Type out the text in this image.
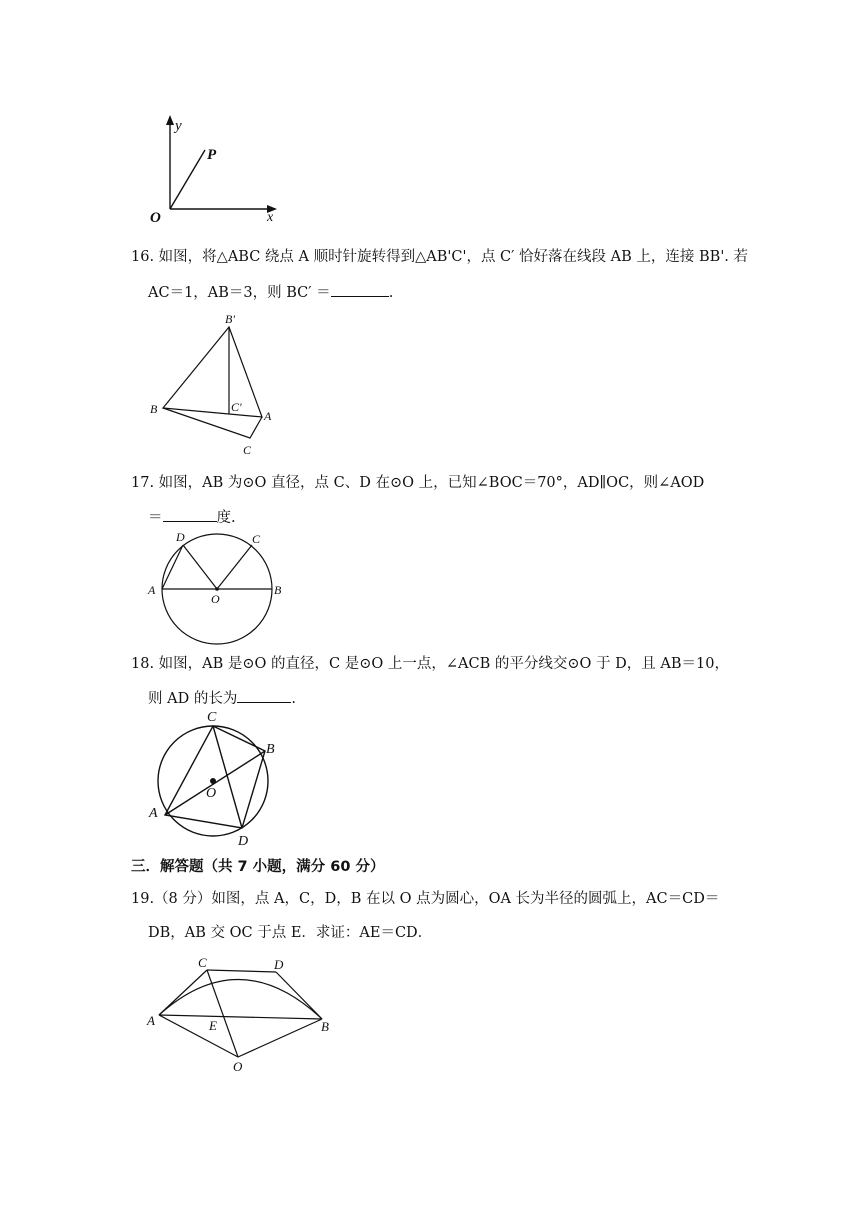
y
x
O
P
16. 如图，将△ABC 绕点 A 顺时针旋转得到△AB'C'，点 C′ 恰好落在线段 AB 上，连接 BB'. 若
AC＝1，AB＝3，则 BC′ ＝	.
B'
B	C'
A
C
17. 如图，AB 为⊙O 直径，点 C、D 在⊙O 上，已知∠BOC＝70°，AD∥OC，则∠AOD
＝	度.
D	C
A
O
B
18. 如图，AB 是⊙O 的直径，C 是⊙O 上一点，∠ACB 的平分线交⊙O 于 D，且 AB＝10，
则 AD 的长为	.
C
B
O
A
D
三．解答题（共 7 小题，满分 60 分）
19.（8 分）如图，点 A，C，D，B 在以 O 点为圆心，OA 长为半径的圆弧上，AC＝CD＝
DB，AB 交 OC 于点 E．求证：AE＝CD．
C	D
A	E	B
O
